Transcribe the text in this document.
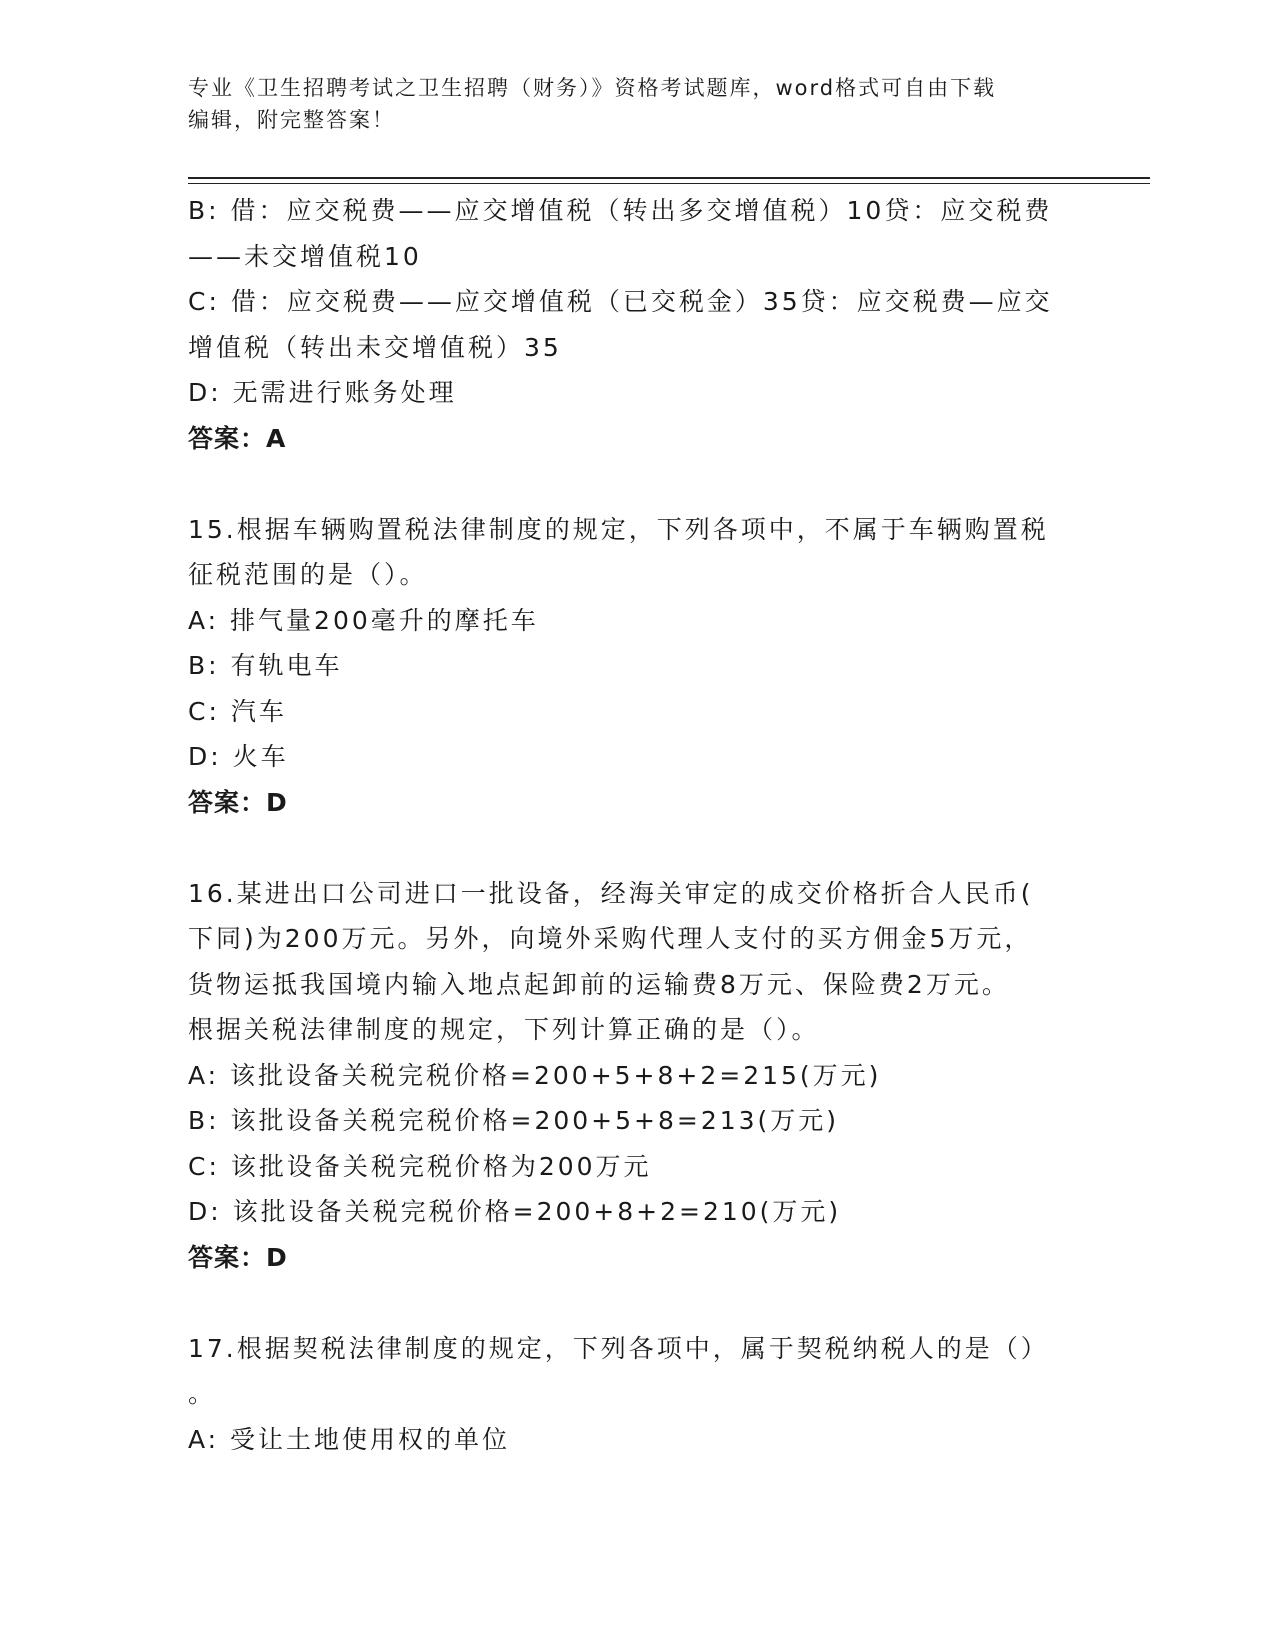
专业《卫生招聘考试之卫生招聘（财务）》资格考试题库，word格式可自由下载
编辑，附完整答案！
B: 借：应交税费——应交增值税（转出多交增值税）10贷：应交税费
——未交增值税10
C: 借：应交税费——应交增值税（已交税金）35贷：应交税费—应交
增值税（转出未交增值税）35
D: 无需进行账务处理
答案：A
15.根据车辆购置税法律制度的规定，下列各项中，不属于车辆购置税
征税范围的是（）。
A: 排气量200毫升的摩托车
B: 有轨电车
C: 汽车
D: 火车
答案：D
16.某进出口公司进口一批设备，经海关审定的成交价格折合人民币(
下同)为200万元。另外，向境外采购代理人支付的买方佣金5万元，
货物运抵我国境内输入地点起卸前的运输费8万元、保险费2万元。
根据关税法律制度的规定，下列计算正确的是（）。
A: 该批设备关税完税价格=200+5+8+2=215(万元)
B: 该批设备关税完税价格=200+5+8=213(万元)
C: 该批设备关税完税价格为200万元
D: 该批设备关税完税价格=200+8+2=210(万元)
答案：D
17.根据契税法律制度的规定，下列各项中，属于契税纳税人的是（）
。
A: 受让土地使用权的单位
